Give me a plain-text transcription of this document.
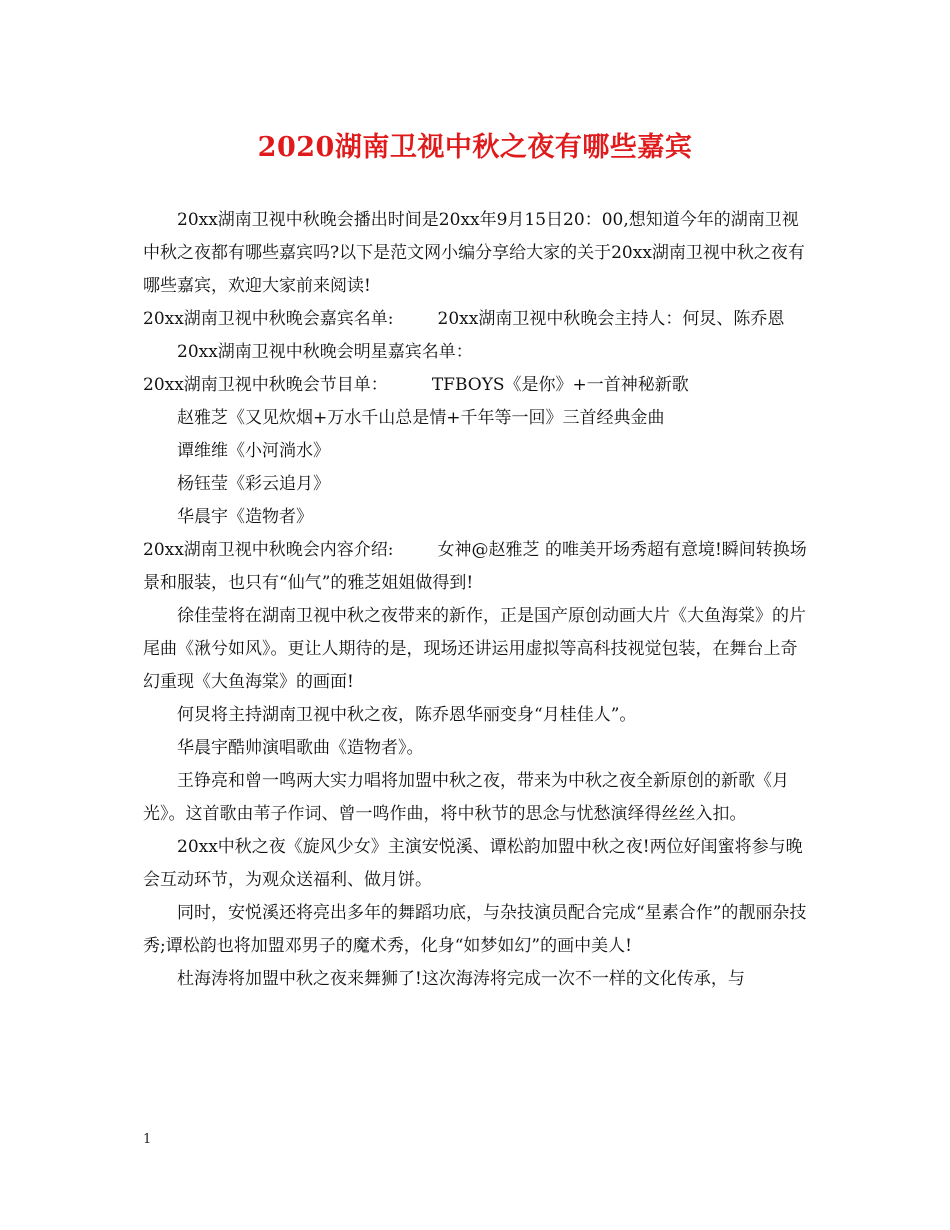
2020湖南卫视中秋之夜有哪些嘉宾

20xx湖南卫视中秋晚会播出时间是20xx年9月15日20：00,想知道今年的湖南卫视中秋之夜都有哪些嘉宾吗?以下是范文网小编分享给大家的关于20xx湖南卫视中秋之夜有哪些嘉宾，欢迎大家前来阅读!

20xx湖南卫视中秋晚会嘉宾名单:	20xx湖南卫视中秋晚会主持人：何炅、陈乔恩

20xx湖南卫视中秋晚会明星嘉宾名单：

20xx湖南卫视中秋晚会节目单：	TFBOYS《是你》+一首神秘新歌

赵雅芝《又见炊烟+万水千山总是情+千年等一回》三首经典金曲

谭维维《小河淌水》

杨钰莹《彩云追月》

华晨宇《造物者》

20xx湖南卫视中秋晚会内容介绍:	女神@赵雅芝 的唯美开场秀超有意境!瞬间转换场景和服装，也只有“仙气”的雅芝姐姐做得到!

徐佳莹将在湖南卫视中秋之夜带来的新作，正是国产原创动画大片《大鱼海棠》的片尾曲《湫兮如风》。更让人期待的是，现场还讲运用虚拟等高科技视觉包装，在舞台上奇幻重现《大鱼海棠》的画面!

何炅将主持湖南卫视中秋之夜，陈乔恩华丽变身“月桂佳人”。

华晨宇酷帅演唱歌曲《造物者》。

王铮亮和曾一鸣两大实力唱将加盟中秋之夜，带来为中秋之夜全新原创的新歌《月光》。这首歌由苇子作词、曾一鸣作曲，将中秋节的思念与忧愁演绎得丝丝入扣。

20xx中秋之夜《旋风少女》主演安悦溪、谭松韵加盟中秋之夜!两位好闺蜜将参与晚会互动环节，为观众送福利、做月饼。

同时，安悦溪还将亮出多年的舞蹈功底，与杂技演员配合完成“星素合作”的靓丽杂技秀;谭松韵也将加盟邓男子的魔术秀，化身“如梦如幻”的画中美人!

杜海涛将加盟中秋之夜来舞狮了!这次海涛将完成一次不一样的文化传承，与

1
